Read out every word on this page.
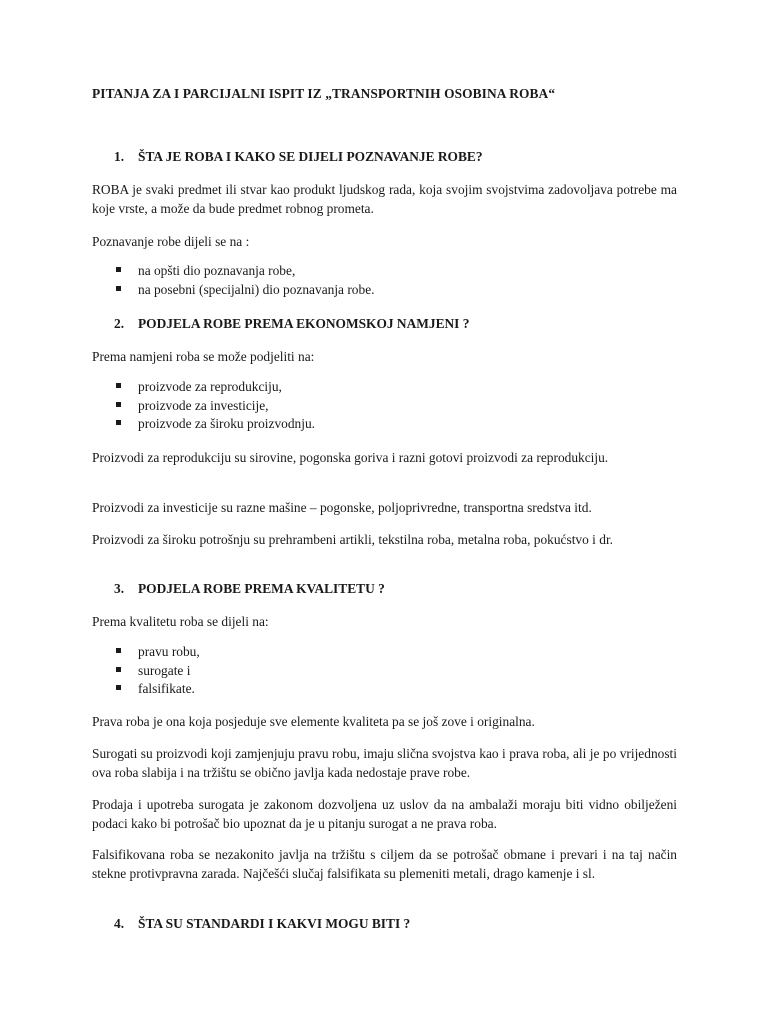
PITANJA ZA I PARCIJALNI ISPIT IZ „TRANSPORTNIH OSOBINA ROBA“
1. ŠTA JE ROBA I KAKO SE DIJELI POZNAVANJE ROBE?

ROBA je svaki predmet ili stvar kao produkt ljudskog rada, koja svojim svojstvima zadovoljava potrebe ma koje vrste, a može da bude predmet robnog prometa.

Poznavanje robe dijeli se na :

na opšti dio poznavanja robe,
na posebni (specijalni) dio poznavanja robe.
2. PODJELA ROBE PREMA EKONOMSKOJ NAMJENI ?

Prema namjeni roba se može podjeliti na:

proizvode za reprodukciju,
proizvode za investicije,
proizvode za široku proizvodnju.

Proizvodi za reprodukciju su sirovine, pogonska goriva i razni gotovi proizvodi za reprodukciju.

Proizvodi za investicije su razne mašine – pogonske, poljoprivredne, transportna sredstva itd.

Proizvodi za široku potrošnju su prehrambeni artikli, tekstilna roba, metalna roba, pokućstvo i dr.

3. PODJELA ROBE PREMA KVALITETU ?

Prema kvalitetu roba se dijeli na:

pravu robu,
surogate i
falsifikate.

Prava roba je ona koja posjeduje sve elemente kvaliteta pa se još zove i originalna.

Surogati su proizvodi koji zamjenjuju pravu robu, imaju slična svojstva kao i prava roba, ali je po vrijednosti ova roba slabija i na tržištu se obično javlja kada nedostaje prave robe.

Prodaja i upotreba surogata je zakonom dozvoljena uz uslov da na ambalaži moraju biti vidno obilježeni podaci kako bi potrošač bio upoznat da je u pitanju surogat a ne prava roba.

Falsifikovana roba se nezakonito javlja na tržištu s ciljem da se potrošač obmane i prevari i na taj način stekne protivpravna zarada. Najčešći slučaj falsifikata su plemeniti metali, drago kamenje i sl.

4. ŠTA SU STANDARDI I KAKVI MOGU BITI ?
